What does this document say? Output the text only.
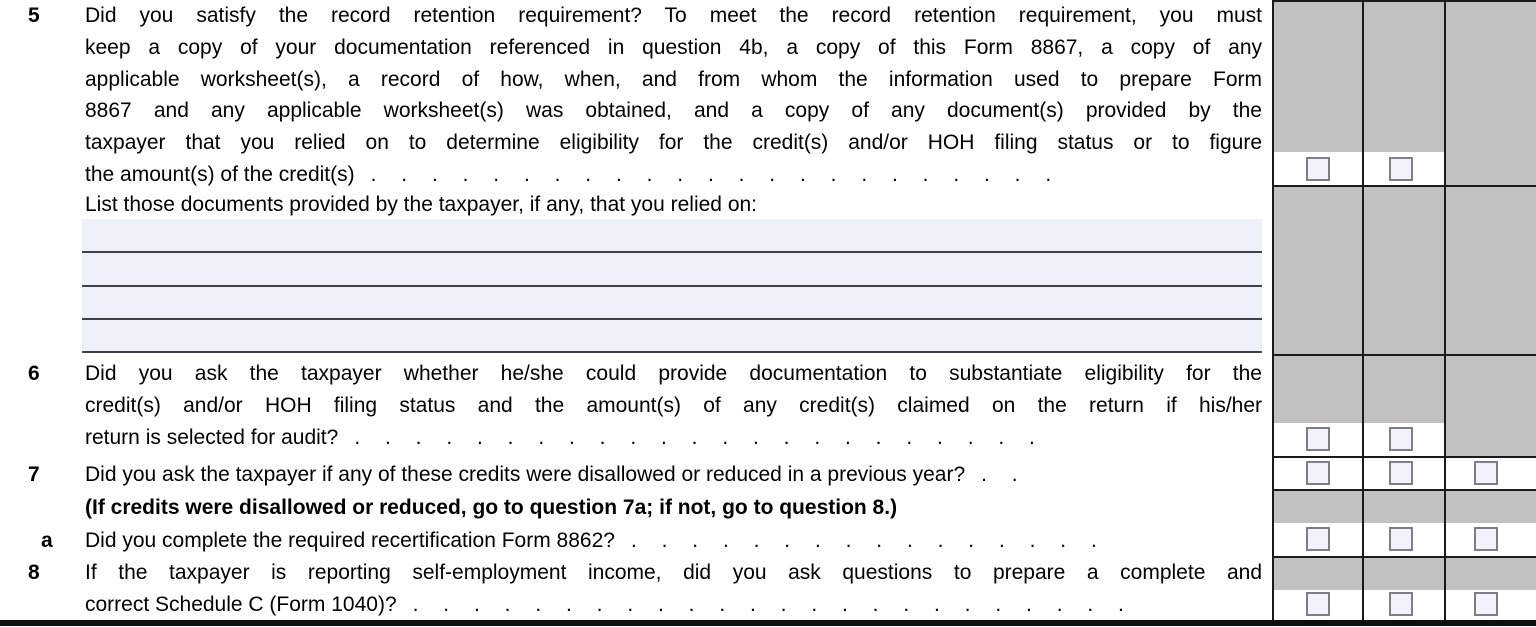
5	Did you satisfy the record retention requirement? To meet the record retention requirement, you must
keep a copy of your documentation referenced in question 4b, a copy of this Form 8867, a copy of any
applicable worksheet(s), a record of how, when, and from whom the information used to prepare Form
8867 and any applicable worksheet(s) was obtained, and a copy of any document(s) provided by the
taxpayer that you relied on to determine eligibility for the credit(s) and/or HOH filing status or to figure
the amount(s) of the credit(s) . . . . . . . . . . . . . . . . . . . . . . .
List those documents provided by the taxpayer, if any, that you relied on:
6	Did you ask the taxpayer whether he/she could provide documentation to substantiate eligibility for the
credit(s) and/or HOH filing status and the amount(s) of any credit(s) claimed on the return if his/her
return is selected for audit? . . . . . . . . . . . . . . . . . . . . . . .
7	Did you ask the taxpayer if any of these credits were disallowed or reduced in a previous year? . .
(If credits were disallowed or reduced, go to question 7a; if not, go to question 8.)
a	Did you complete the required recertification Form 8862? . . . . . . . . . . . . . . . .
8	If the taxpayer is reporting self-employment income, did you ask questions to prepare a complete and
correct Schedule C (Form 1040)? . . . . . . . . . . . . . . . . . . . . . . . .
